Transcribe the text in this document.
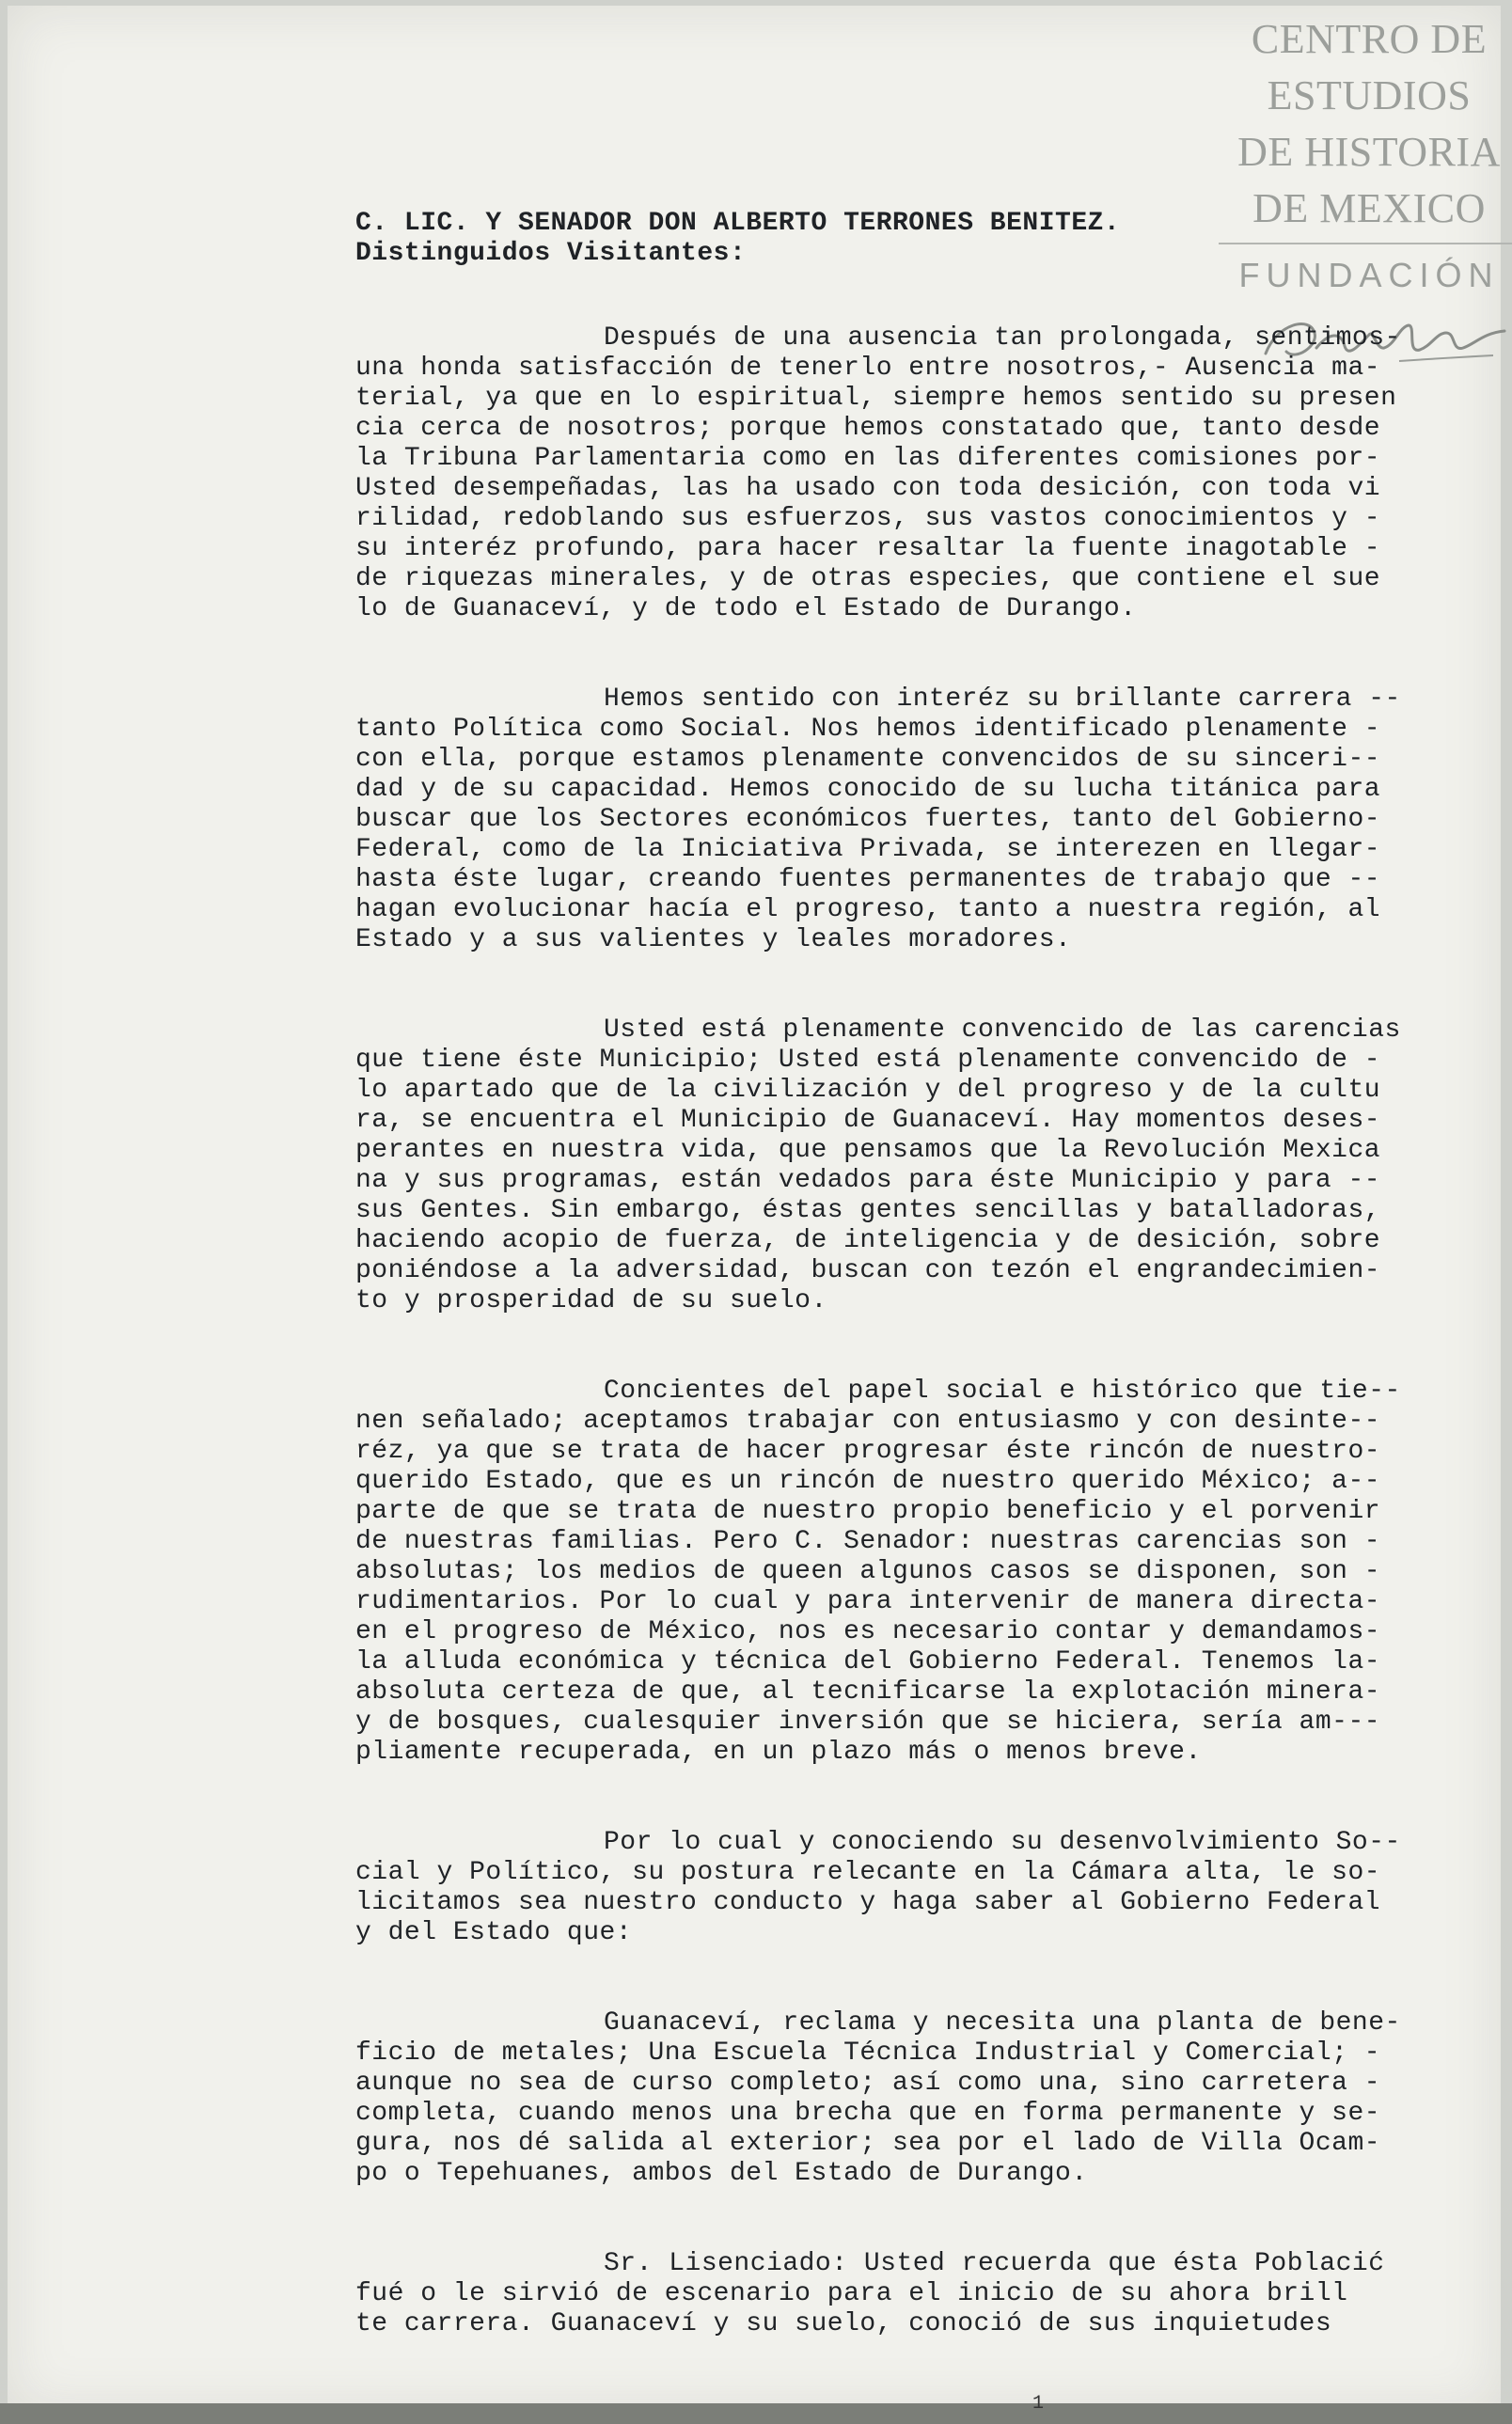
CENTRO DE
ESTUDIOS
DE HISTORIA
DE MEXICO
FUNDACIÓN
C. LIC. Y SENADOR DON ALBERTO TERRONES BENITEZ.
Distinguidos Visitantes:
Después de una ausencia tan prolongada, sentimos-
una honda satisfacción de tenerlo entre nosotros,- Ausencia ma-
terial, ya que en lo espiritual, siempre hemos sentido su presen
cia cerca de nosotros; porque hemos constatado que, tanto desde
la Tribuna Parlamentaria como en las diferentes comisiones por-
Usted desempeñadas, las ha usado con toda desición, con toda vi
rilidad, redoblando sus esfuerzos, sus vastos conocimientos y -
su interéz profundo, para hacer resaltar la fuente inagotable -
de riquezas minerales, y de otras especies, que contiene el sue
lo de Guanaceví, y de todo el Estado de Durango.
Hemos sentido con interéz su brillante carrera --
tanto Política como Social. Nos hemos identificado plenamente -
con ella, porque estamos plenamente convencidos de su sinceri--
dad y de su capacidad. Hemos conocido de su lucha titánica para
buscar que los Sectores económicos fuertes, tanto del Gobierno-
Federal, como de la Iniciativa Privada, se interezen en llegar-
hasta éste lugar, creando fuentes permanentes de trabajo que --
hagan evolucionar hacía el progreso, tanto a nuestra región, al
Estado y a sus valientes y leales moradores.
Usted está plenamente convencido de las carencias
que tiene éste Municipio; Usted está plenamente convencido de -
lo apartado que de la civilización y del progreso y de la cultu
ra, se encuentra el Municipio de Guanaceví. Hay momentos deses-
perantes en nuestra vida, que pensamos que la Revolución Mexica
na y sus programas, están vedados para éste Municipio y para --
sus Gentes. Sin embargo, éstas gentes sencillas y batalladoras,
haciendo acopio de fuerza, de inteligencia y de desición, sobre
poniéndose a la adversidad, buscan con tezón el engrandecimien-
to y prosperidad de su suelo.
Concientes del papel social e histórico que tie--
nen señalado; aceptamos trabajar con entusiasmo y con desinte--
réz, ya que se trata de hacer progresar éste rincón de nuestro-
querido Estado, que es un rincón de nuestro querido México; a--
parte de que se trata de nuestro propio beneficio y el porvenir
de nuestras familias. Pero C. Senador: nuestras carencias son -
absolutas; los medios de queen algunos casos se disponen, son -
rudimentarios. Por lo cual y para intervenir de manera directa-
en el progreso de México, nos es necesario contar y demandamos-
la alluda económica y técnica del Gobierno Federal. Tenemos la-
absoluta certeza de que, al tecnificarse la explotación minera-
y de bosques, cualesquier inversión que se hiciera, sería am---
pliamente recuperada, en un plazo más o menos breve.
Por lo cual y conociendo su desenvolvimiento So--
cial y Político, su postura relecante en la Cámara alta, le so-
licitamos sea nuestro conducto y haga saber al Gobierno Federal
y del Estado que:
Guanaceví, reclama y necesita una planta de bene-
ficio de metales; Una Escuela Técnica Industrial y Comercial; -
aunque no sea de curso completo; así como una, sino carretera -
completa, cuando menos una brecha que en forma permanente y se-
gura, nos dé salida al exterior; sea por el lado de Villa Ocam-
po o Tepehuanes, ambos del Estado de Durango.
Sr. Lisenciado: Usted recuerda que ésta Poblacić
fué o le sirvió de escenario para el inicio de su ahora brill
te carrera. Guanaceví y su suelo, conoció de sus inquietudes
1
